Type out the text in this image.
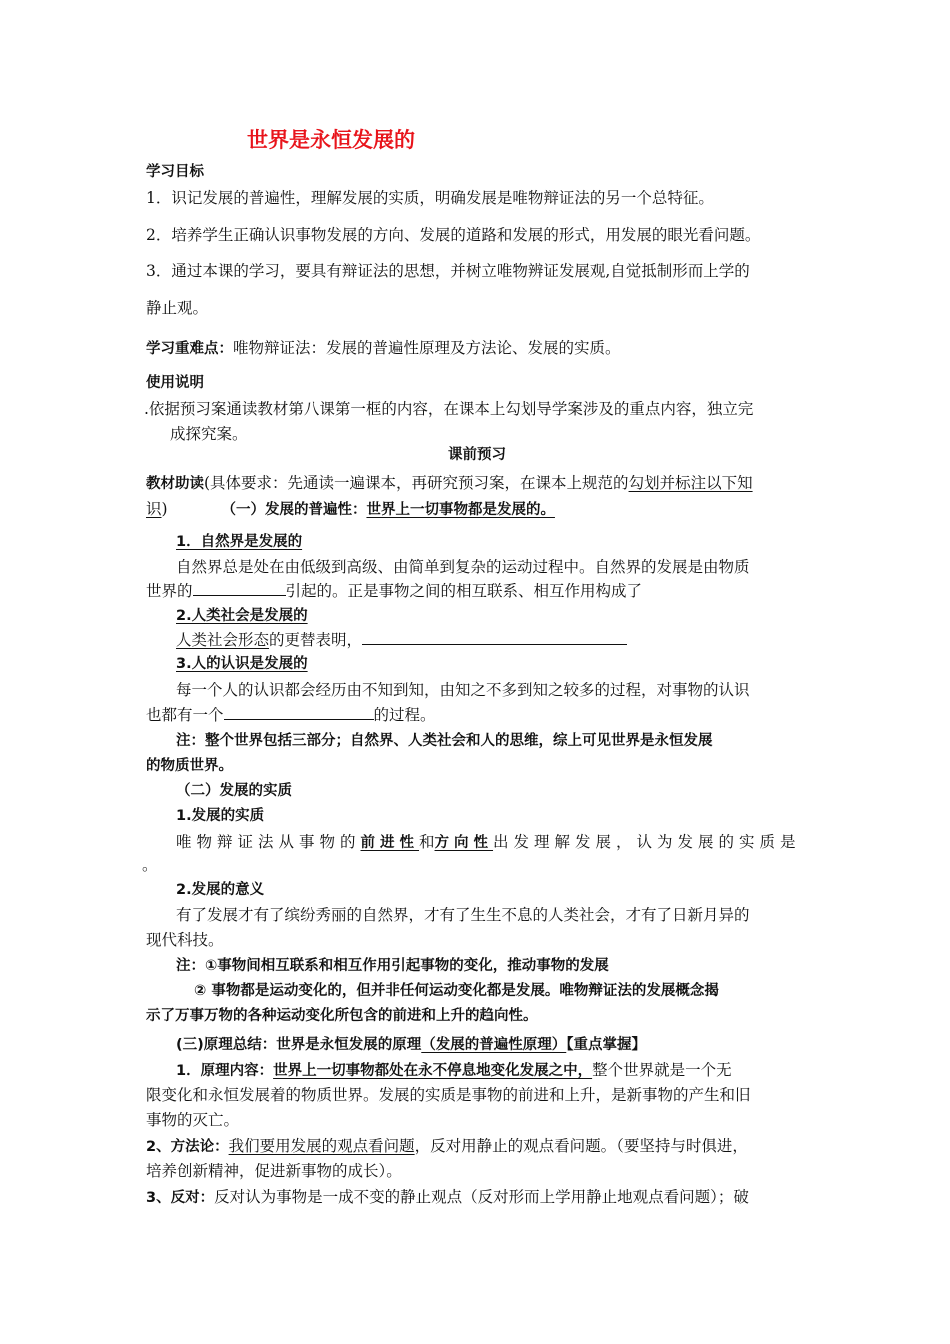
世界是永恒发展的
学习目标
1．识记发展的普遍性，理解发展的实质，明确发展是唯物辩证法的另一个总特征。
2．培养学生正确认识事物发展的方向、发展的道路和发展的形式，用发展的眼光看问题。
3．通过本课的学习，要具有辩证法的思想，并树立唯物辨证发展观,自觉抵制形而上学的
静止观。
学习重难点：唯物辩证法：发展的普遍性原理及方法论、发展的实质。
使用说明
.依据预习案通读教材第八课第一框的内容，在课本上勾划导学案涉及的重点内容，独立完
成探究案。
课前预习
教材助读(具体要求：先通读一遍课本，再研究预习案，在课本上规范的勾划并标注以下知
识)	（一）发展的普遍性：世界上一切事物都是发展的。
1．自然界是发展的
自然界总是处在由低级到高级、由简单到复杂的运动过程中。自然界的发展是由物质
世界的	引起的。正是事物之间的相互联系、相互作用构成了
2.人类社会是发展的
人类社会形态的更替表明，
3.人的认识是发展的
每一个人的认识都会经历由不知到知，由知之不多到知之较多的过程，对事物的认识
也都有一个	的过程。
注：整个世界包括三部分；自然界、人类社会和人的思维，综上可见世界是永恒发展
的物质世界。
（二）发展的实质
1.发展的实质
唯物辩证法从事物的前进性和方向性出发理解发展，认为发展的实质是
。
2.发展的意义
有了发展才有了缤纷秀丽的自然界，才有了生生不息的人类社会，才有了日新月异的
现代科技。
注：①事物间相互联系和相互作用引起事物的变化，推动事物的发展
② 事物都是运动变化的，但并非任何运动变化都是发展。唯物辩证法的发展概念揭
示了万事万物的各种运动变化所包含的前进和上升的趋向性。
(三)原理总结：世界是永恒发展的原理（发展的普遍性原理）【重点掌握】
1．原理内容：世界上一切事物都处在永不停息地变化发展之中，整个世界就是一个无
限变化和永恒发展着的物质世界。发展的实质是事物的前进和上升，是新事物的产生和旧
事物的灭亡。
2、方法论：我们要用发展的观点看问题，反对用静止的观点看问题。（要坚持与时俱进，
培养创新精神，促进新事物的成长）。
3、反对：反对认为事物是一成不变的静止观点（反对形而上学用静止地观点看问题）；破
